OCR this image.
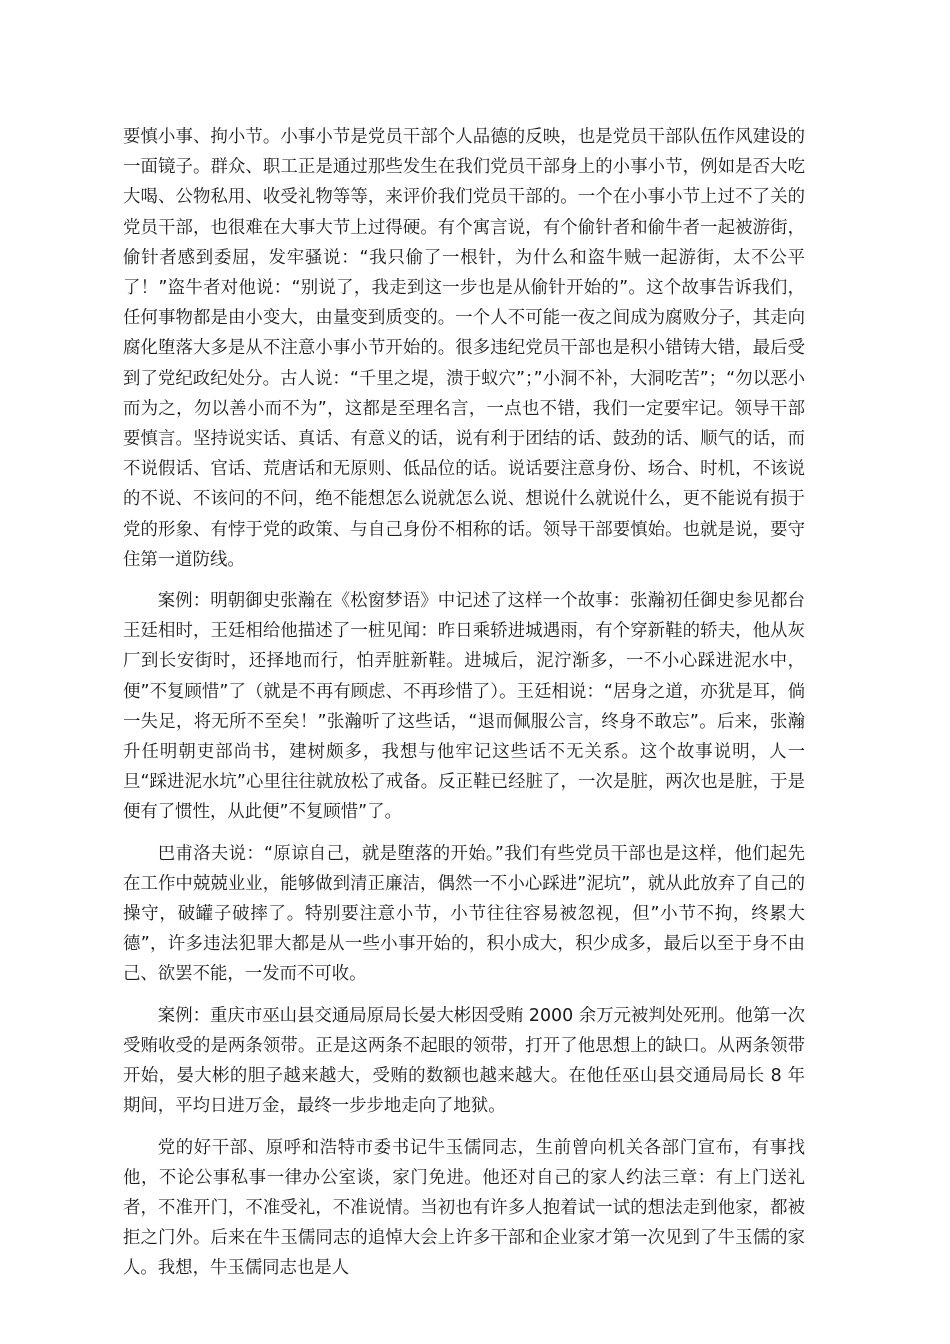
要慎小事、拘小节。小事小节是党员干部个人品德的反映，也是党员干部队伍作风建设的一面镜子。群众、职工正是通过那些发生在我们党员干部身上的小事小节，例如是否大吃大喝、公物私用、收受礼物等等，来评价我们党员干部的。一个在小事小节上过不了关的党员干部，也很难在大事大节上过得硬。有个寓言说，有个偷针者和偷牛者一起被游街，偷针者感到委屈，发牢骚说：“我只偷了一根针，为什么和盗牛贼一起游街，太不公平了！”盗牛者对他说：“别说了，我走到这一步也是从偷针开始的”。这个故事告诉我们，任何事物都是由小变大，由量变到质变的。一个人不可能一夜之间成为腐败分子，其走向腐化堕落大多是从不注意小事小节开始的。很多违纪党员干部也是积小错铸大错，最后受到了党纪政纪处分。古人说：“千里之堤，溃于蚁穴”；”小洞不补，大洞吃苦”；“勿以恶小而为之，勿以善小而不为”，这都是至理名言，一点也不错，我们一定要牢记。领导干部要慎言。坚持说实话、真话、有意义的话，说有利于团结的话、鼓劲的话、顺气的话，而不说假话、官话、荒唐话和无原则、低品位的话。说话要注意身份、场合、时机，不该说的不说、不该问的不问，绝不能想怎么说就怎么说、想说什么就说什么，更不能说有损于党的形象、有悖于党的政策、与自己身份不相称的话。领导干部要慎始。也就是说，要守住第一道防线。

案例：明朝御史张瀚在《松窗梦语》中记述了这样一个故事：张瀚初任御史参见都台王廷相时，王廷相给他描述了一桩见闻：昨日乘轿进城遇雨，有个穿新鞋的轿夫，他从灰厂到长安街时，还择地而行，怕弄脏新鞋。进城后，泥泞渐多，一不小心踩进泥水中，便”不复顾惜”了（就是不再有顾虑、不再珍惜了）。王廷相说：“居身之道，亦犹是耳，倘一失足，将无所不至矣！”张瀚听了这些话，“退而佩服公言，终身不敢忘”。后来，张瀚升任明朝吏部尚书，建树颇多，我想与他牢记这些话不无关系。这个故事说明，人一旦“踩进泥水坑”心里往往就放松了戒备。反正鞋已经脏了，一次是脏，两次也是脏，于是便有了惯性，从此便”不复顾惜”了。

巴甫洛夫说：“原谅自己，就是堕落的开始。”我们有些党员干部也是这样，他们起先在工作中兢兢业业，能够做到清正廉洁，偶然一不小心踩进”泥坑”，就从此放弃了自己的操守，破罐子破摔了。特别要注意小节，小节往往容易被忽视，但”小节不拘，终累大德”，许多违法犯罪大都是从一些小事开始的，积小成大，积少成多，最后以至于身不由己、欲罢不能，一发而不可收。

案例：重庆市巫山县交通局原局长晏大彬因受贿 2000 余万元被判处死刑。他第一次受贿收受的是两条领带。正是这两条不起眼的领带，打开了他思想上的缺口。从两条领带开始，晏大彬的胆子越来越大，受贿的数额也越来越大。在他任巫山县交通局局长 8 年期间，平均日进万金，最终一步步地走向了地狱。

党的好干部、原呼和浩特市委书记牛玉儒同志，生前曾向机关各部门宣布，有事找他，不论公事私事一律办公室谈，家门免进。他还对自己的家人约法三章：有上门送礼者，不准开门，不准受礼，不准说情。当初也有许多人抱着试一试的想法走到他家，都被拒之门外。后来在牛玉儒同志的追悼大会上许多干部和企业家才第一次见到了牛玉儒的家人。我想，牛玉儒同志也是人
